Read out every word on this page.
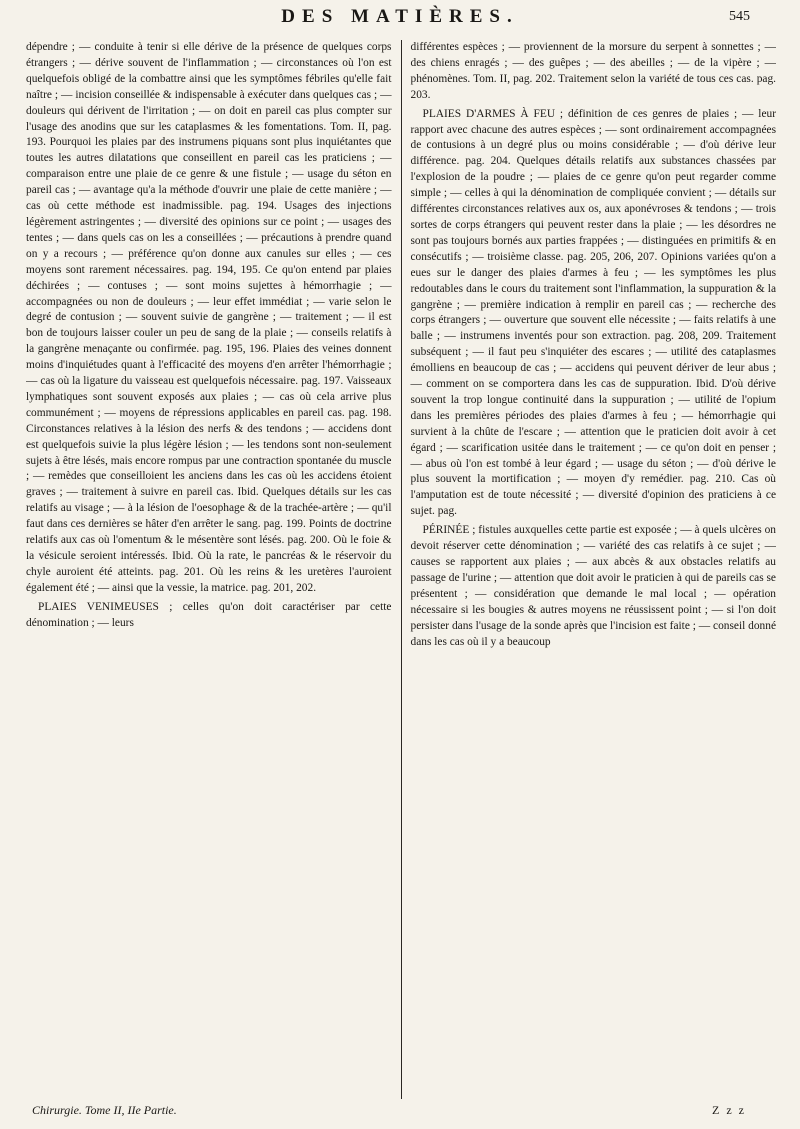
DES MATIÈRES.	545

dépendre ; — conduite à tenir si elle dérive de la présence de quelques corps étrangers ; — dérive souvent de l'inflammation ; — circonstances où l'on est quelquefois obligé de la combattre ainsi que les symptômes fébriles qu'elle fait naître ; — incision conseillée & indispensable à exécuter dans quelques cas ; — douleurs qui dérivent de l'irritation ; — on doit en pareil cas plus compter sur l'usage des anodins que sur les cataplasmes & les fomentations. Tom. II, pag. 193. Pourquoi les plaies par des instrumens piquans sont plus inquiétantes que toutes les autres dilatations que conseillent en pareil cas les praticiens ; — comparaison entre une plaie de ce genre & une fistule ; — usage du séton en pareil cas ; — avantage qu'a la méthode d'ouvrir une plaie de cette manière ; — cas où cette méthode est inadmissible. pag. 194. Usages des injections légèrement astringentes ; — diversité des opinions sur ce point ; — usages des tentes ; — dans quels cas on les a conseillées ; — précautions à prendre quand on y a recours ; — préférence qu'on donne aux canules sur elles ; — ces moyens sont rarement nécessaires. pag. 194, 195. Ce qu'on entend par plaies déchirées ; — contuses ; — sont moins sujettes à hémorrhagie ; — accompagnées ou non de douleurs ; — leur effet immédiat ; — varie selon le degré de contusion ; — souvent suivie de gangrène ; — traitement ; — il est bon de toujours laisser couler un peu de sang de la plaie ; — conseils relatifs à la gangrène menaçante ou confirmée. pag. 195, 196. Plaies des veines donnent moins d'inquiétudes quant à l'efficacité des moyens d'en arrêter l'hémorrhagie ; — cas où la ligature du vaisseau est quelquefois nécessaire. pag. 197. Vaisseaux lymphatiques sont souvent exposés aux plaies ; — cas où cela arrive plus communément ; — moyens de répressions applicables en pareil cas. pag. 198. Circonstances relatives à la lésion des nerfs & des tendons ; — accidens dont est quelquefois suivie la plus légère lésion ; — les tendons sont non-seulement sujets à être lésés, mais encore rompus par une contraction spontanée du muscle ; — remèdes que conseilloient les anciens dans les cas où les accidens étoient graves ; — traitement à suivre en pareil cas. Ibid. Quelques détails sur les cas relatifs au visage ; — à la lésion de l'oesophage & de la trachée-artère ; — qu'il faut dans ces dernières se hâter d'en arrêter le sang. pag. 199. Points de doctrine relatifs aux cas où l'omentum & le mésentère sont lésés. pag. 200. Où le foie & la vésicule seroient intéressés. Ibid. Où la rate, le pancréas & le réservoir du chyle auroient été atteints. pag. 201. Où les reins & les uretères l'auroient également été ; — ainsi que la vessie, la matrice. pag. 201, 202.

PLAIES VENIMEUSES ; celles qu'on doit caractériser par cette dénomination ; — leurs

différentes espèces ; — proviennent de la morsure du serpent à sonnettes ; — des chiens enragés ; — des guêpes ; — des abeilles ; — de la vipère ; — phénomènes. Tom. II, pag. 202. Traitement selon la variété de tous ces cas. pag. 203.

PLAIES D'ARMES À FEU ; définition de ces genres de plaies ; — leur rapport avec chacune des autres espèces ; — sont ordinairement accompagnées de contusions à un degré plus ou moins considérable ; — d'où dérive leur différence. pag. 204. Quelques détails relatifs aux substances chassées par l'explosion de la poudre ; — plaies de ce genre qu'on peut regarder comme simple ; — celles à qui la dénomination de compliquée convient ; — détails sur différentes circonstances relatives aux os, aux aponévroses & tendons ; — trois sortes de corps étrangers qui peuvent rester dans la plaie ; — les désordres ne sont pas toujours bornés aux parties frappées ; — distinguées en primitifs & en consécutifs ; — troisième classe. pag. 205, 206, 207. Opinions variées qu'on a eues sur le danger des plaies d'armes à feu ; — les symptômes les plus redoutables dans le cours du traitement sont l'inflammation, la suppuration & la gangrène ; — première indication à remplir en pareil cas ; — recherche des corps étrangers ; — ouverture que souvent elle nécessite ; — faits relatifs à une balle ; — instrumens inventés pour son extraction. pag. 208, 209. Traitement subséquent ; — il faut peu s'inquiéter des escares ; — utilité des cataplasmes émolliens en beaucoup de cas ; — accidens qui peuvent dériver de leur abus ; — comment on se comportera dans les cas de suppuration. Ibid. D'où dérive souvent la trop longue continuité dans la suppuration ; — utilité de l'opium dans les premières périodes des plaies d'armes à feu ; — hémorrhagie qui survient à la chûte de l'escare ; — attention que le praticien doit avoir à cet égard ; — scarification usitée dans le traitement ; — ce qu'on doit en penser ; — abus où l'on est tombé à leur égard ; — usage du séton ; — d'où dérive le plus souvent la mortification ; — moyen d'y remédier. pag. 210. Cas où l'amputation est de toute nécessité ; — diversité d'opinion des praticiens à ce sujet. pag.

PÉRINÉE ; fistules auxquelles cette partie est exposée ; — à quels ulcères on devoit réserver cette dénomination ; — variété des cas relatifs à ce sujet ; — causes se rapportent aux plaies ; — aux abcès & aux obstacles relatifs au passage de l'urine ; — attention que doit avoir le praticien à qui de pareils cas se présentent ; — considération que demande le mal local ; — opération nécessaire si les bougies & autres moyens ne réussissent point ; — si l'on doit persister dans l'usage de la sonde après que l'incision est faite ; — conseil donné dans les cas où il y a beaucoup

Chirurgie. Tome II, IIe Partie.	Z z z
